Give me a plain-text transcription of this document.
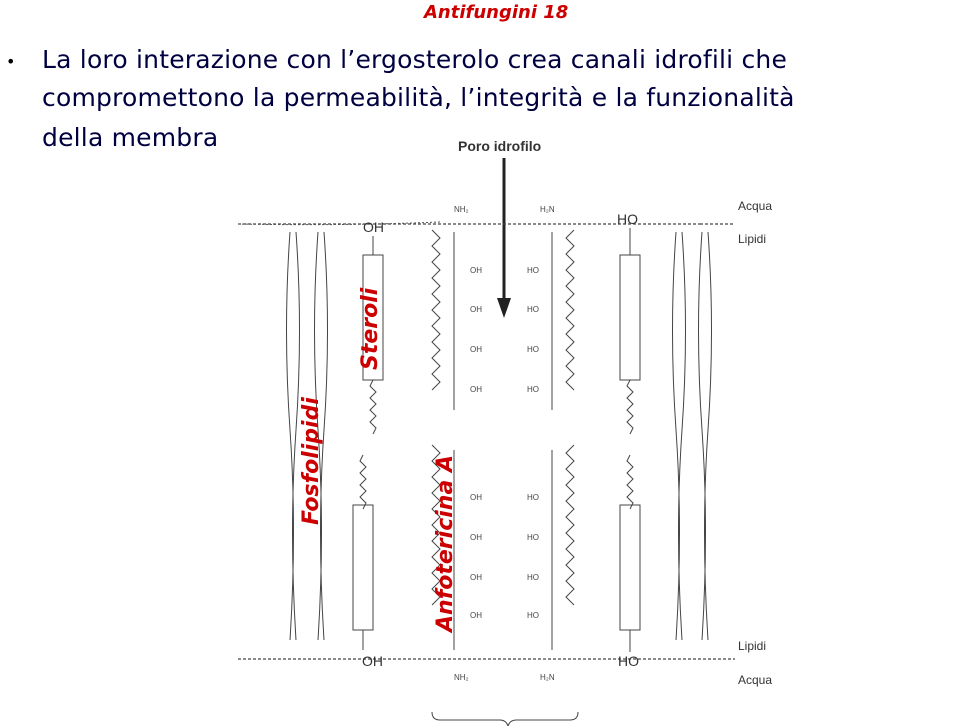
Antifungini 18
• La loro interazione con l’ergosterolo crea canali idrofili che
compromettono la permeabilità, l’integrità e la funzionalità
della membra	Poro idrofilo
Acqua
Lipidi
Lipidi
Acqua
OH
OH
HO
HO
OH
OH
OH
OH
OH
OH
OH
OH
HO
HO
HO
HO
HO
HO
HO
HO
NH₂	H₂N
NH₂	H₂N
Steroli
Fosfolipidi	Anfotericina A
